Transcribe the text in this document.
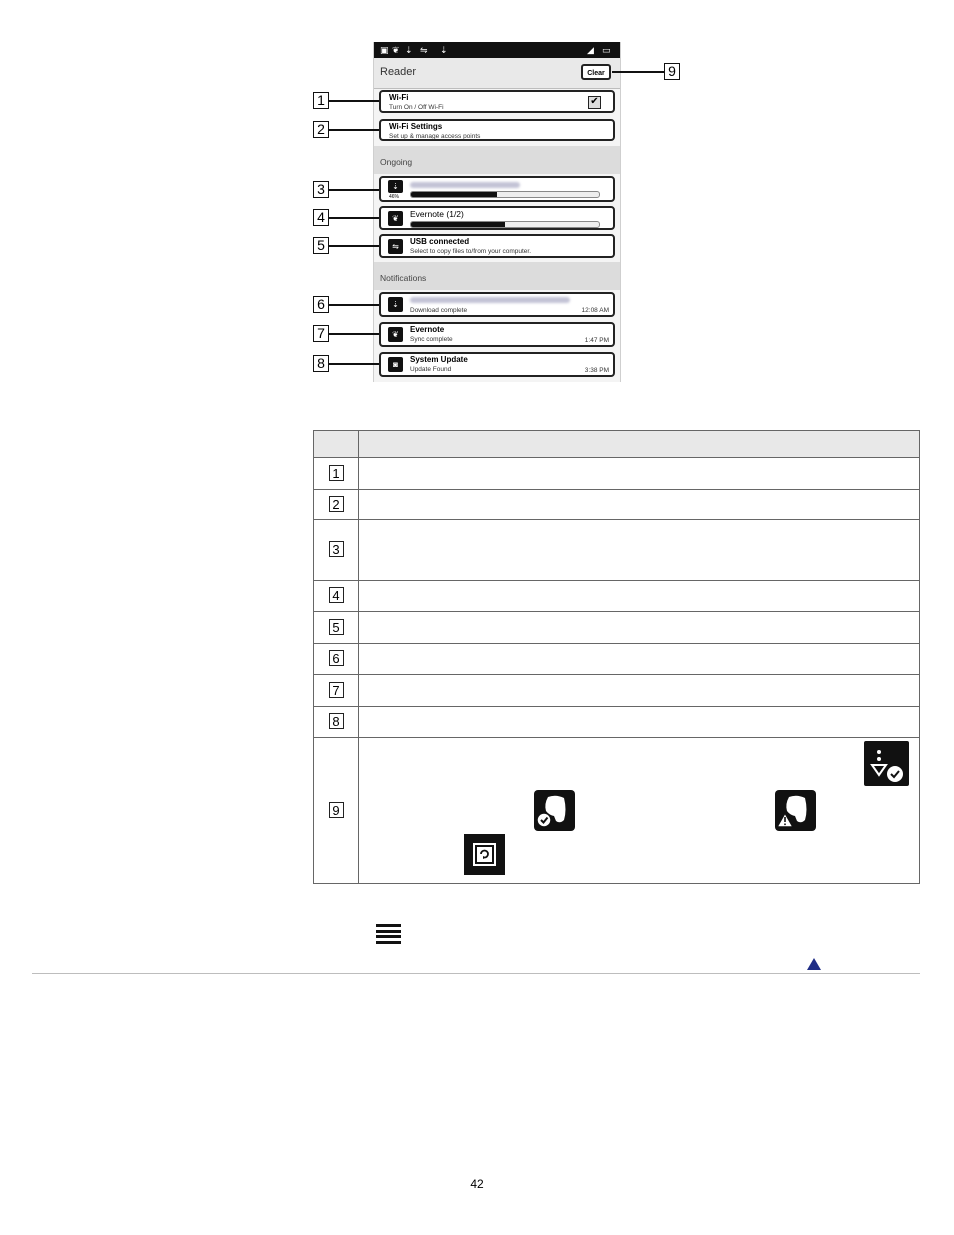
▣ ❦ ⇣ ⇋ ⇣	◢ ▭
Reader	Clear
Wi-Fi
Turn On / Off Wi-Fi
✔
Wi-Fi Settings
Set up & manage access points
Ongoing
⇣
46%
❦	Evernote (1/2)
⇋
USB connected
Select to copy files to/from your computer.
Notifications
⇣
Download complete	12:08 AM
❦
Evernote
Sync complete	1:47 PM
◙
System Update
Update Found	3:38 PM
1
2
3
4
5
6
7
8
9

1	
2	
3	
4	
5	
6	
7	
8	
9	
42
